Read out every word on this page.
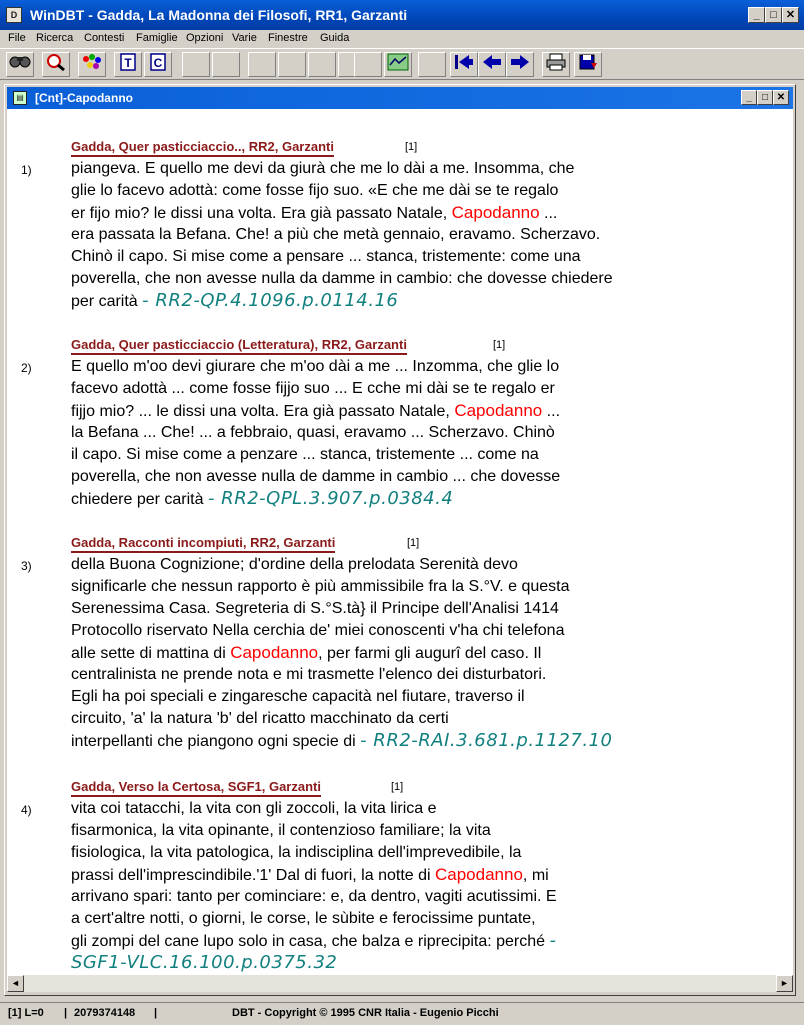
D WinDBT - Gadda, La Madonna dei Filosofi, RR1, Garzanti	_ □ ✕
File Ricerca Contesti Famiglie Opzioni Varie Finestre Guida
T C
▤ [Cnt]-Capodanno	_	□ ✕
Gadda, Quer pasticciaccio.., RR2, Garzanti	[1]
1) piangeva. E quello me devi da giurà che me lo dài a me. Insomma, che
glie lo facevo adottà: come fosse fijo suo. «E che me dài se te regalo
er fijo mio? le dissi una volta. Era già passato Natale, Capodanno ...
era passata la Befana. Che! a più che metà gennaio, eravamo. Scherzavo.
Chinò il capo. Si mise come a pensare ... stanca, tristemente: come una
poverella, che non avesse nulla da damme in cambio: che dovesse chiedere
per carità - RR2-QP.4.1096.p.0114.16
Gadda, Quer pasticciaccio (Letteratura), RR2, Garzanti	[1]
2) E quello m'oo devi giurare che m'oo dài a me ... Inzomma, che glie lo
facevo adottà ... come fosse fijjo suo ... E cche mi dài se te regalo er
fijjo mio? ... le dissi una volta. Era già passato Natale, Capodanno ...
la Befana ... Che! ... a febbraio, quasi, eravamo ... Scherzavo. Chinò
il capo. Si mise come a penzare ... stanca, tristemente ... come na
poverella, che non avesse nulla de damme in cambio ... che dovesse
chiedere per carità - RR2-QPL.3.907.p.0384.4
Gadda, Racconti incompiuti, RR2, Garzanti	[1]
3) della Buona Cognizione; d'ordine della prelodata Serenità devo
significarle che nessun rapporto è più ammissibile fra la S.°V. e questa
Serenessima Casa. Segreteria di S.°S.tà} il Principe dell'Analisi 1414
Protocollo riservato Nella cerchia de' miei conoscenti v'ha chi telefona
alle sette di mattina di Capodanno, per farmi gli augurî del caso. Il
centralinista ne prende nota e mi trasmette l'elenco dei disturbatori.
Egli ha poi speciali e zingaresche capacità nel fiutare, traverso il
circuito, 'a' la natura 'b' del ricatto macchinato da certi
interpellanti che piangono ogni specie di - RR2-RAI.3.681.p.1127.10
Gadda, Verso la Certosa, SGF1, Garzanti	[1]
4) vita coi tatacchi, la vita con gli zoccoli, la vita lirica e
fisarmonica, la vita opinante, il contenzioso familiare; la vita
fisiologica, la vita patologica, la indisciplina dell'imprevedibile, la
prassi dell'imprescindibile.'1' Dal di fuori, la notte di Capodanno, mi
arrivano spari: tanto per cominciare: e, da dentro, vagiti acutissimi. E
a cert'altre notti, o giorni, le corse, le sùbite e ferocissime puntate,
gli zompi del cane lupo solo in casa, che balza e riprecipita: perché -
SGF1-VLC.16.100.p.0375.32
◄	►
[1] L=0 | 2079374148 |	DBT - Copyright © 1995 CNR Italia - Eugenio Picchi
